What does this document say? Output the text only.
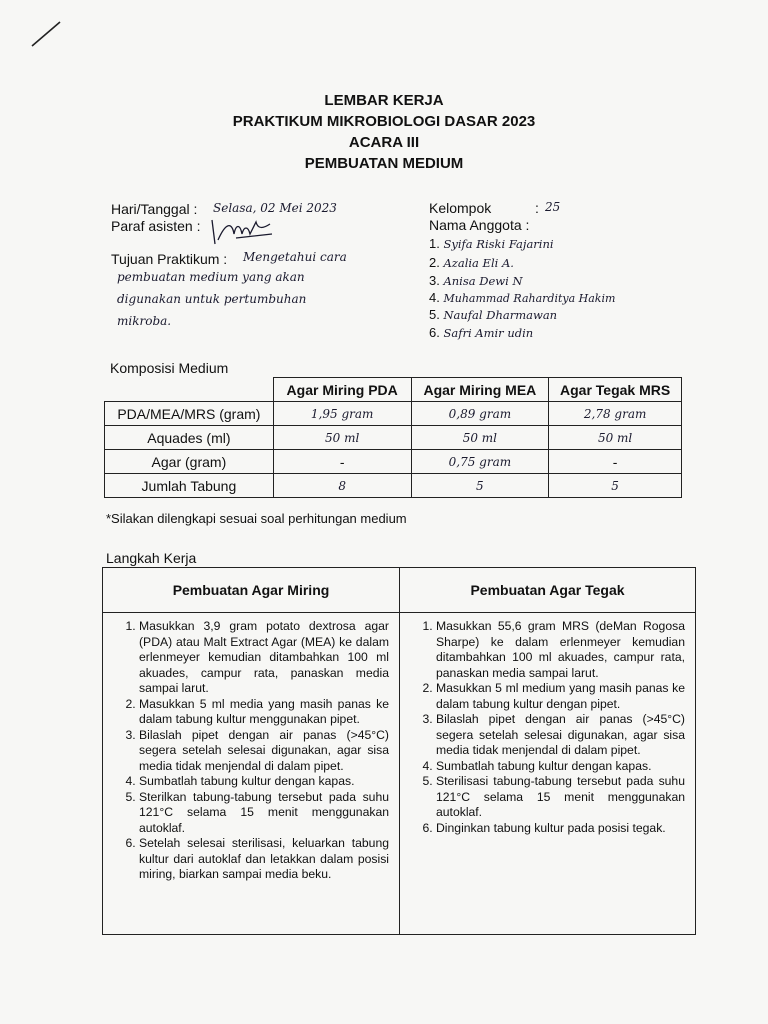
LEMBAR KERJA
PRAKTIKUM MIKROBIOLOGI DASAR 2023
ACARA III
PEMBUATAN MEDIUM
Hari/Tanggal : Selasa, 02 Mei 2023
Paraf asisten :
Tujuan Praktikum : Mengetahui cara
pembuatan medium yang akan
digunakan untuk pertumbuhan
mikroba.
Kelompok	: 25
Nama Anggota :
1. Syifa Riski Fajarini
2. Azalia Eli A.
3. Anisa Dewi N
4. Muhammad Raharditya Hakim
5. Naufal Dharmawan
6. Safri Amir udin
Komposisi Medium
	Agar Miring PDA	Agar Miring MEA	Agar Tegak MRS
PDA/MEA/MRS (gram)	1,95 gram	0,89 gram	2,78 gram
Aquades (ml)	50 ml	50 ml	50 ml
Agar (gram)	-	0,75 gram	-
Jumlah Tabung	8	5	5
*Silakan dilengkapi sesuai soal perhitungan medium
Langkah Kerja
Pembuatan Agar Miring
1. Masukkan 3,9 gram potato dextrosa agar (PDA) atau Malt Extract Agar (MEA) ke dalam erlenmeyer kemudian ditambahkan 100 ml akuades, campur rata, panaskan media sampai larut.
2. Masukkan 5 ml media yang masih panas ke dalam tabung kultur menggunakan pipet.
3. Bilaslah pipet dengan air panas (>45°C) segera setelah selesai digunakan, agar sisa media tidak menjendal di dalam pipet.
4. Sumbatlah tabung kultur dengan kapas.
5. Sterilkan tabung-tabung tersebut pada suhu 121°C selama 15 menit menggunakan autoklaf.
6. Setelah selesai sterilisasi, keluarkan tabung kultur dari autoklaf dan letakkan dalam posisi miring, biarkan sampai media beku.
Pembuatan Agar Tegak
1. Masukkan 55,6 gram MRS (deMan Rogosa Sharpe) ke dalam erlenmeyer kemudian ditambahkan 100 ml akuades, campur rata, panaskan media sampai larut.
2. Masukkan 5 ml medium yang masih panas ke dalam tabung kultur dengan pipet.
3. Bilaslah pipet dengan air panas (>45°C) segera setelah selesai digunakan, agar sisa media tidak menjendal di dalam pipet.
4. Sumbatlah tabung kultur dengan kapas.
5. Sterilisasi tabung-tabung tersebut pada suhu 121°C selama 15 menit menggunakan autoklaf.
6. Dinginkan tabung kultur pada posisi tegak.
